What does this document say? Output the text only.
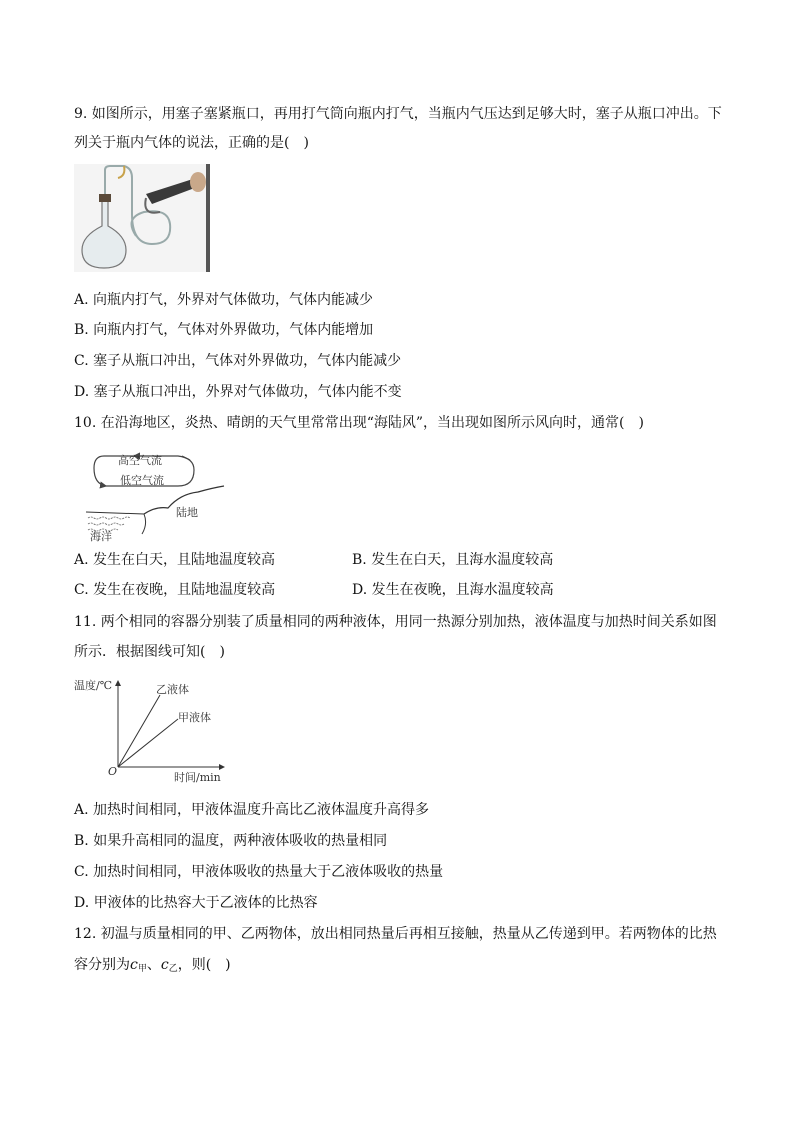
9. 如图所示，用塞子塞紧瓶口，再用打气筒向瓶内打气，当瓶内气压达到足够大时，塞子从瓶口冲出。下
列关于瓶内气体的说法，正确的是(　)
A. 向瓶内打气，外界对气体做功，气体内能减少
B. 向瓶内打气，气体对外界做功，气体内能增加
C. 塞子从瓶口冲出，气体对外界做功，气体内能减少
D. 塞子从瓶口冲出，外界对气体做功，气体内能不变
10. 在沿海地区，炎热、晴朗的天气里常常出现“海陆风”，当出现如图所示风向时，通常(　)
高空气流
低空气流
陆地
海洋
A. 发生在白天，且陆地温度较高	B. 发生在白天，且海水温度较高
C. 发生在夜晚，且陆地温度较高	D. 发生在夜晚，且海水温度较高
11. 两个相同的容器分别装了质量相同的两种液体，用同一热源分别加热，液体温度与加热时间关系如图
所示．根据图线可知(　)
温度/℃	乙液体
甲液体
O	时间/min
A. 加热时间相同，甲液体温度升高比乙液体温度升高得多
B. 如果升高相同的温度，两种液体吸收的热量相同
C. 加热时间相同，甲液体吸收的热量大于乙液体吸收的热量
D. 甲液体的比热容大于乙液体的比热容
12. 初温与质量相同的甲、乙两物体，放出相同热量后再相互接触，热量从乙传递到甲。若两物体的比热
容分别为$c_甲$、$c_乙$，则(　)
